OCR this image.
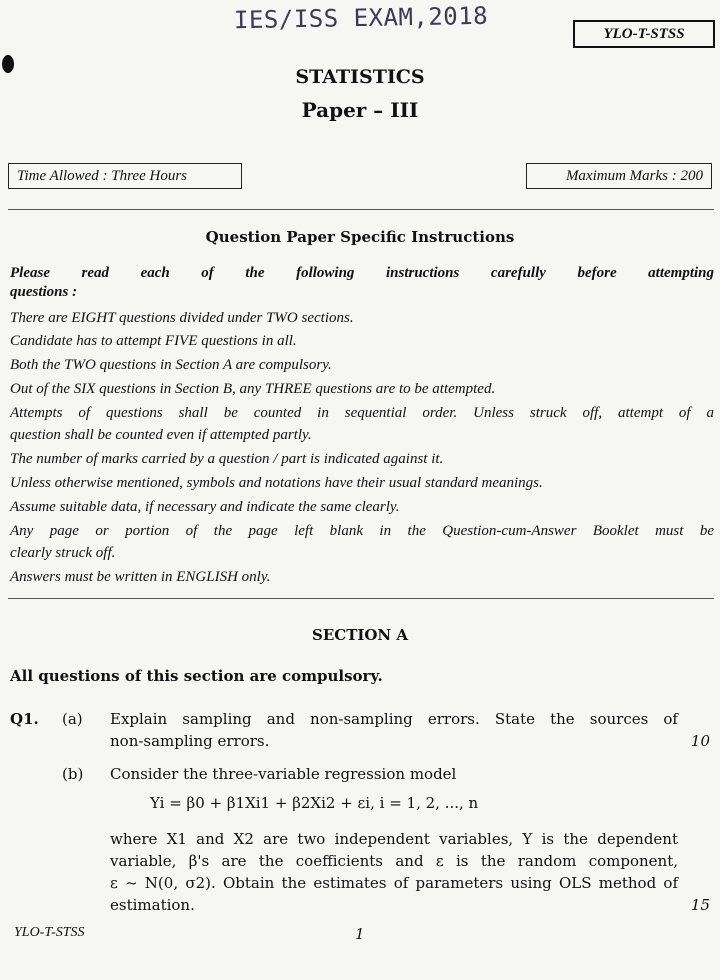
IES/ISS EXAM,2018	YLO-T-STSS
STATISTICS
Paper – III
Time Allowed : Three Hours	Maximum Marks : 200
Question Paper Specific Instructions
Please read each of the following instructions carefully before attempting
questions :
There are EIGHT questions divided under TWO sections.
Candidate has to attempt FIVE questions in all.
Both the TWO questions in Section A are compulsory.
Out of the SIX questions in Section B, any THREE questions are to be attempted.
Attempts of questions shall be counted in sequential order. Unless struck off, attempt of a
question shall be counted even if attempted partly.
The number of marks carried by a question / part is indicated against it.
Unless otherwise mentioned, symbols and notations have their usual standard meanings.
Assume suitable data, if necessary and indicate the same clearly.
Any page or portion of the page left blank in the Question-cum-Answer Booklet must be
clearly struck off.
Answers must be written in ENGLISH only.
SECTION A
All questions of this section are compulsory.
Q1. (a) Explain sampling and non-sampling errors. State the sources of
non-sampling errors.	10
(b) Consider the three-variable regression model
Yi = β0 + β1Xi1 + β2Xi2 + εi, i = 1, 2, ..., n
where X1 and X2 are two independent variables, Y is the dependent
variable, β's are the coefficients and ε is the random component,
ε ~ N(0, σ2). Obtain the estimates of parameters using OLS method of
estimation.	15
YLO-T-STSS	1
